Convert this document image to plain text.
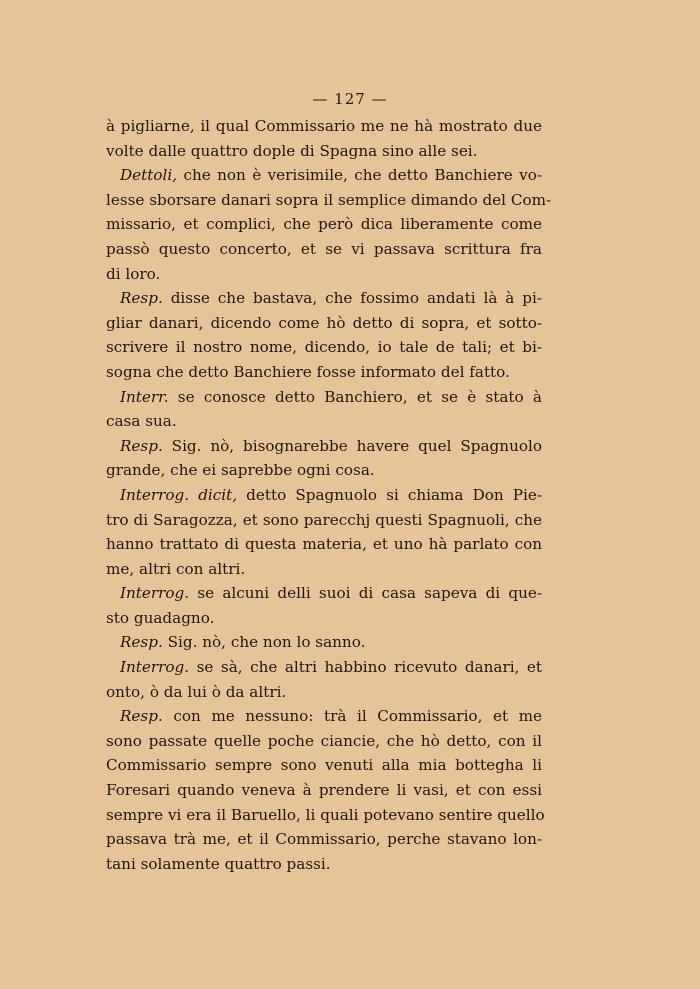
— 127 —
à pigliarne, il qual Commissario me ne hà mostrato due
volte dalle quattro dople di Spagna sino alle sei.
Dettoli, che non è verisimile, che detto Banchiere vo-
lesse sborsare danari sopra il semplice dimando del Com-
missario, et complici, che però dica liberamente come
passò questo concerto, et se vi passava scrittura fra
di loro.
Resp. disse che bastava, che fossimo andati là à pi-
gliar danari, dicendo come hò detto di sopra, et sotto-
scrivere il nostro nome, dicendo, io tale de tali; et bi-
sogna che detto Banchiere fosse informato del fatto.
Interr. se conosce detto Banchiero, et se è stato à
casa sua.
Resp. Sig. nò, bisognarebbe havere quel Spagnuolo
grande, che ei saprebbe ogni cosa.
Interrog. dicit, detto Spagnuolo si chiama Don Pie-
tro di Saragozza, et sono parecchj questi Spagnuoli, che
hanno trattato di questa materia, et uno hà parlato con
me, altri con altri.
Interrog. se alcuni delli suoi di casa sapeva di que-
sto guadagno.
Resp. Sig. nò, che non lo sanno.
Interrog. se sà, che altri habbino ricevuto danari, et
onto, ò da lui ò da altri.
Resp. con me nessuno: trà il Commissario, et me
sono passate quelle poche ciancie, che hò detto, con il
Commissario sempre sono venuti alla mia bottegha li
Foresari quando veneva à prendere li vasi, et con essi
sempre vi era il Baruello, li quali potevano sentire quello
passava trà me, et il Commissario, perche stavano lon-
tani solamente quattro passi.
